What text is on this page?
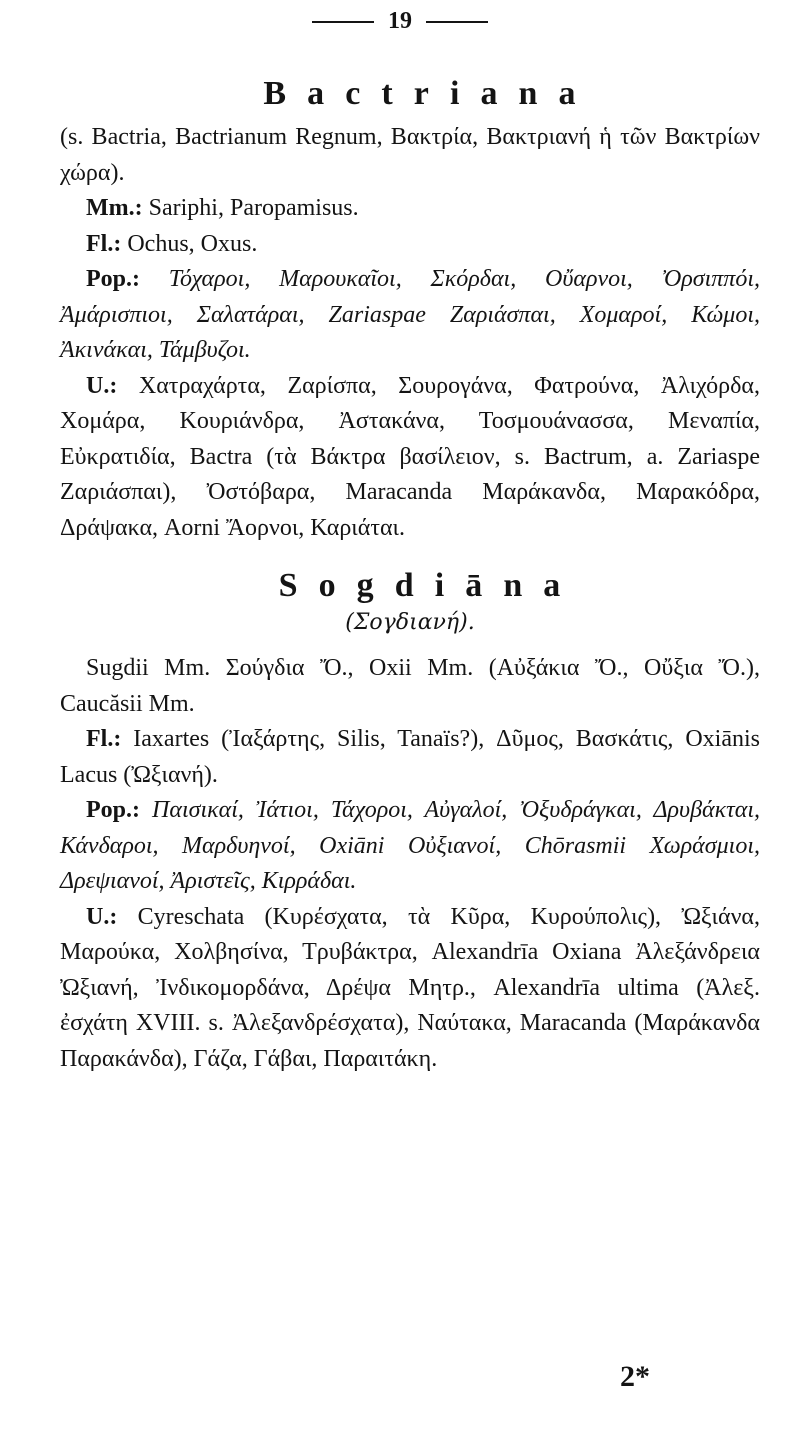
19
Bactriana

(s. Bactria, Bactrianum Regnum, Βακτρία, Βακτριανή ἡ τῶν Βακτρίων χώρα).

Mm.: Sariphi, Paropamisus.

Fl.: Ochus, Oxus.

Pop.: Τόχαροι, Μαρουκαῖοι, Σκόρδαι, Οὔαρνοι, Ὀρσιππόι, Ἀμάρισπιοι, Σαλατάραι, Zariaspae Ζαριάσπαι, Χομαροί, Κώμοι, Ἀκινάκαι, Τάμβυζοι.

U.: Χατραχάρτα, Ζαρίσπα, Σουρογάνα, Φατρούνα, Ἀλιχόρδα, Χομάρα, Κουριάνδρα, Ἀστακάνα, Τοσμουάνασσα, Μεναπία, Εὐκρατιδία, Bactra (τὰ Βάκτρα βασίλειον, s. Bactrum, a. Zariaspe Ζαριάσπαι), Ὀστόβαρα, Maracanda Μαράκανδα, Μαρακόδρα, Δράψακα, Aorni Ἄορνοι, Καριάται.

Sogdiāna
(Σογδιανή).

Sugdii Mm. Σούγδια Ὄ., Oxii Mm. (Αὐξάκια Ὄ., Οὔξια Ὄ.), Caucăsii Mm.

Fl.: Iaxartes (Ἰαξάρτης, Silis, Tanaïs?), Δῦμος, Βασκάτις, Oxiānis Lacus (Ὠξιανή).

Pop.: Παισικαί, Ἰάτιοι, Τάχοροι, Αὐγαλοί, Ὀξυδράγκαι, Δρυβάκται, Κάνδαροι, Μαρδυηνοί, Oxiāni Οὐξιανοί, Chōrasmii Χωράσμιοι, Δρεψιανοί, Ἀριστεῖς, Κιρράδαι.

U.: Cyreschata (Κυρέσχατα, τὰ Κῦρα, Κυρούπολις), Ὠξιάνα, Μαρούκα, Χολβησίνα, Τρυβάκτρα, Alexandrīa Oxiana Ἀλεξάνδρεια Ὠξιανή, Ἰνδικομορδάνα, Δρέψα Μητρ., Alexandrīa ultima (Ἀλεξ. ἐσχάτη XVIII. s. Ἀλεξανδρέσχατα), Ναύτακα, Maracanda (Μαράκανδα Παρακάνδα), Γάζα, Γάβαι, Παραιτάκη.

2*
